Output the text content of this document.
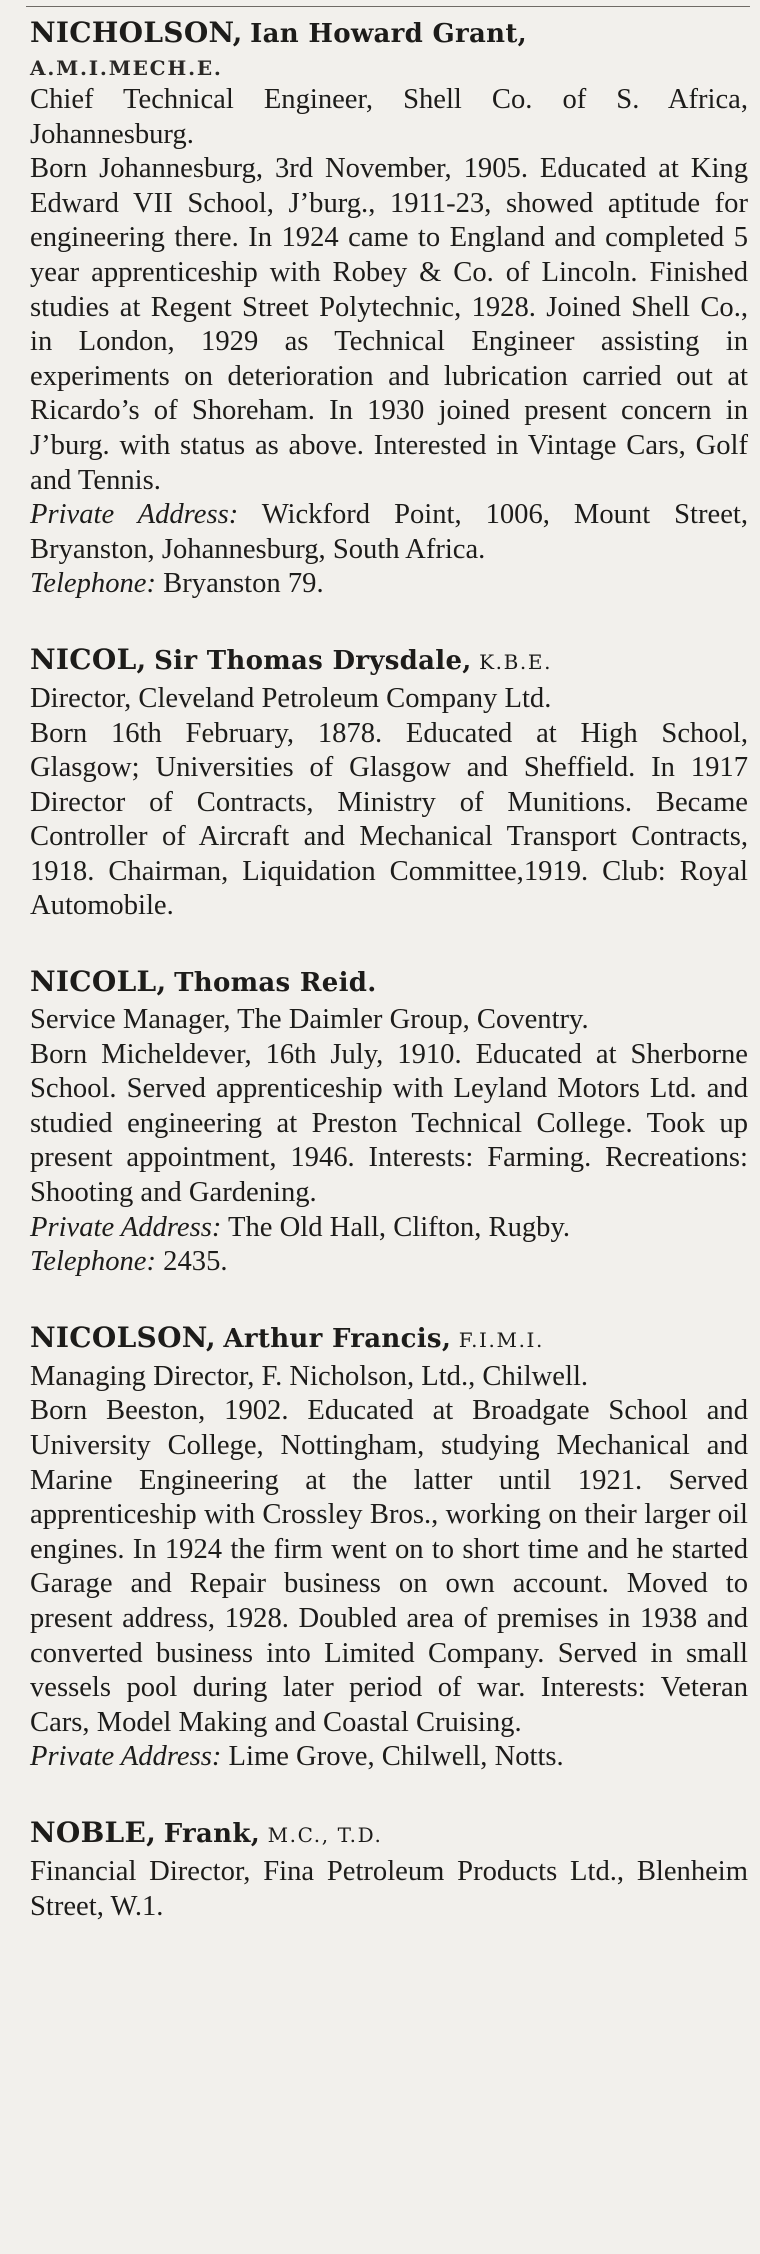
NICHOLSON, Ian Howard Grant,
A.M.I.MECH.E.

Chief Technical Engineer, Shell Co. of S. Africa, Johannesburg.

Born Johannesburg, 3rd November, 1905. Educated at King Edward VII School, J’burg., 1911-23, showed aptitude for engineering there. In 1924 came to England and completed 5 year apprenticeship with Robey & Co. of Lincoln. Finished studies at Regent Street Polytechnic, 1928. Joined Shell Co., in London, 1929 as Technical Engineer assisting in experiments on deterioration and lubrication carried out at Ricardo’s of Shoreham. In 1930 joined present concern in J’burg. with status as above. Interested in Vintage Cars, Golf and Tennis.

Private Address: Wickford Point, 1006, Mount Street, Bryanston, Johannesburg, South Africa.

Telephone: Bryanston 79.

NICOL, Sir Thomas Drysdale, K.B.E.

Director, Cleveland Petroleum Company Ltd.

Born 16th February, 1878. Educated at High School, Glasgow; Universities of Glasgow and Sheffield. In 1917 Director of Contracts, Ministry of Munitions. Became Controller of Aircraft and Mechanical Transport Contracts, 1918. Chairman, Liquidation Committee,1919. Club: Royal Automobile.

NICOLL, Thomas Reid.

Service Manager, The Daimler Group, Coventry.

Born Micheldever, 16th July, 1910. Educated at Sherborne School. Served apprenticeship with Leyland Motors Ltd. and studied engineering at Preston Technical College. Took up present appointment, 1946. Interests: Farming. Recreations: Shooting and Gardening.

Private Address: The Old Hall, Clifton, Rugby.

Telephone: 2435.

NICOLSON, Arthur Francis, F.I.M.I.

Managing Director, F. Nicholson, Ltd., Chilwell.

Born Beeston, 1902. Educated at Broadgate School and University College, Nottingham, studying Mechanical and Marine Engineering at the latter until 1921. Served apprenticeship with Crossley Bros., working on their larger oil engines. In 1924 the firm went on to short time and he started Garage and Repair business on own account. Moved to present address, 1928. Doubled area of premises in 1938 and converted business into Limited Company. Served in small vessels pool during later period of war. Interests: Veteran Cars, Model Making and Coastal Cruising.

Private Address: Lime Grove, Chilwell, Notts.

NOBLE, Frank, M.C., T.D.

Financial Director, Fina Petroleum Products Ltd., Blenheim Street, W.1.
